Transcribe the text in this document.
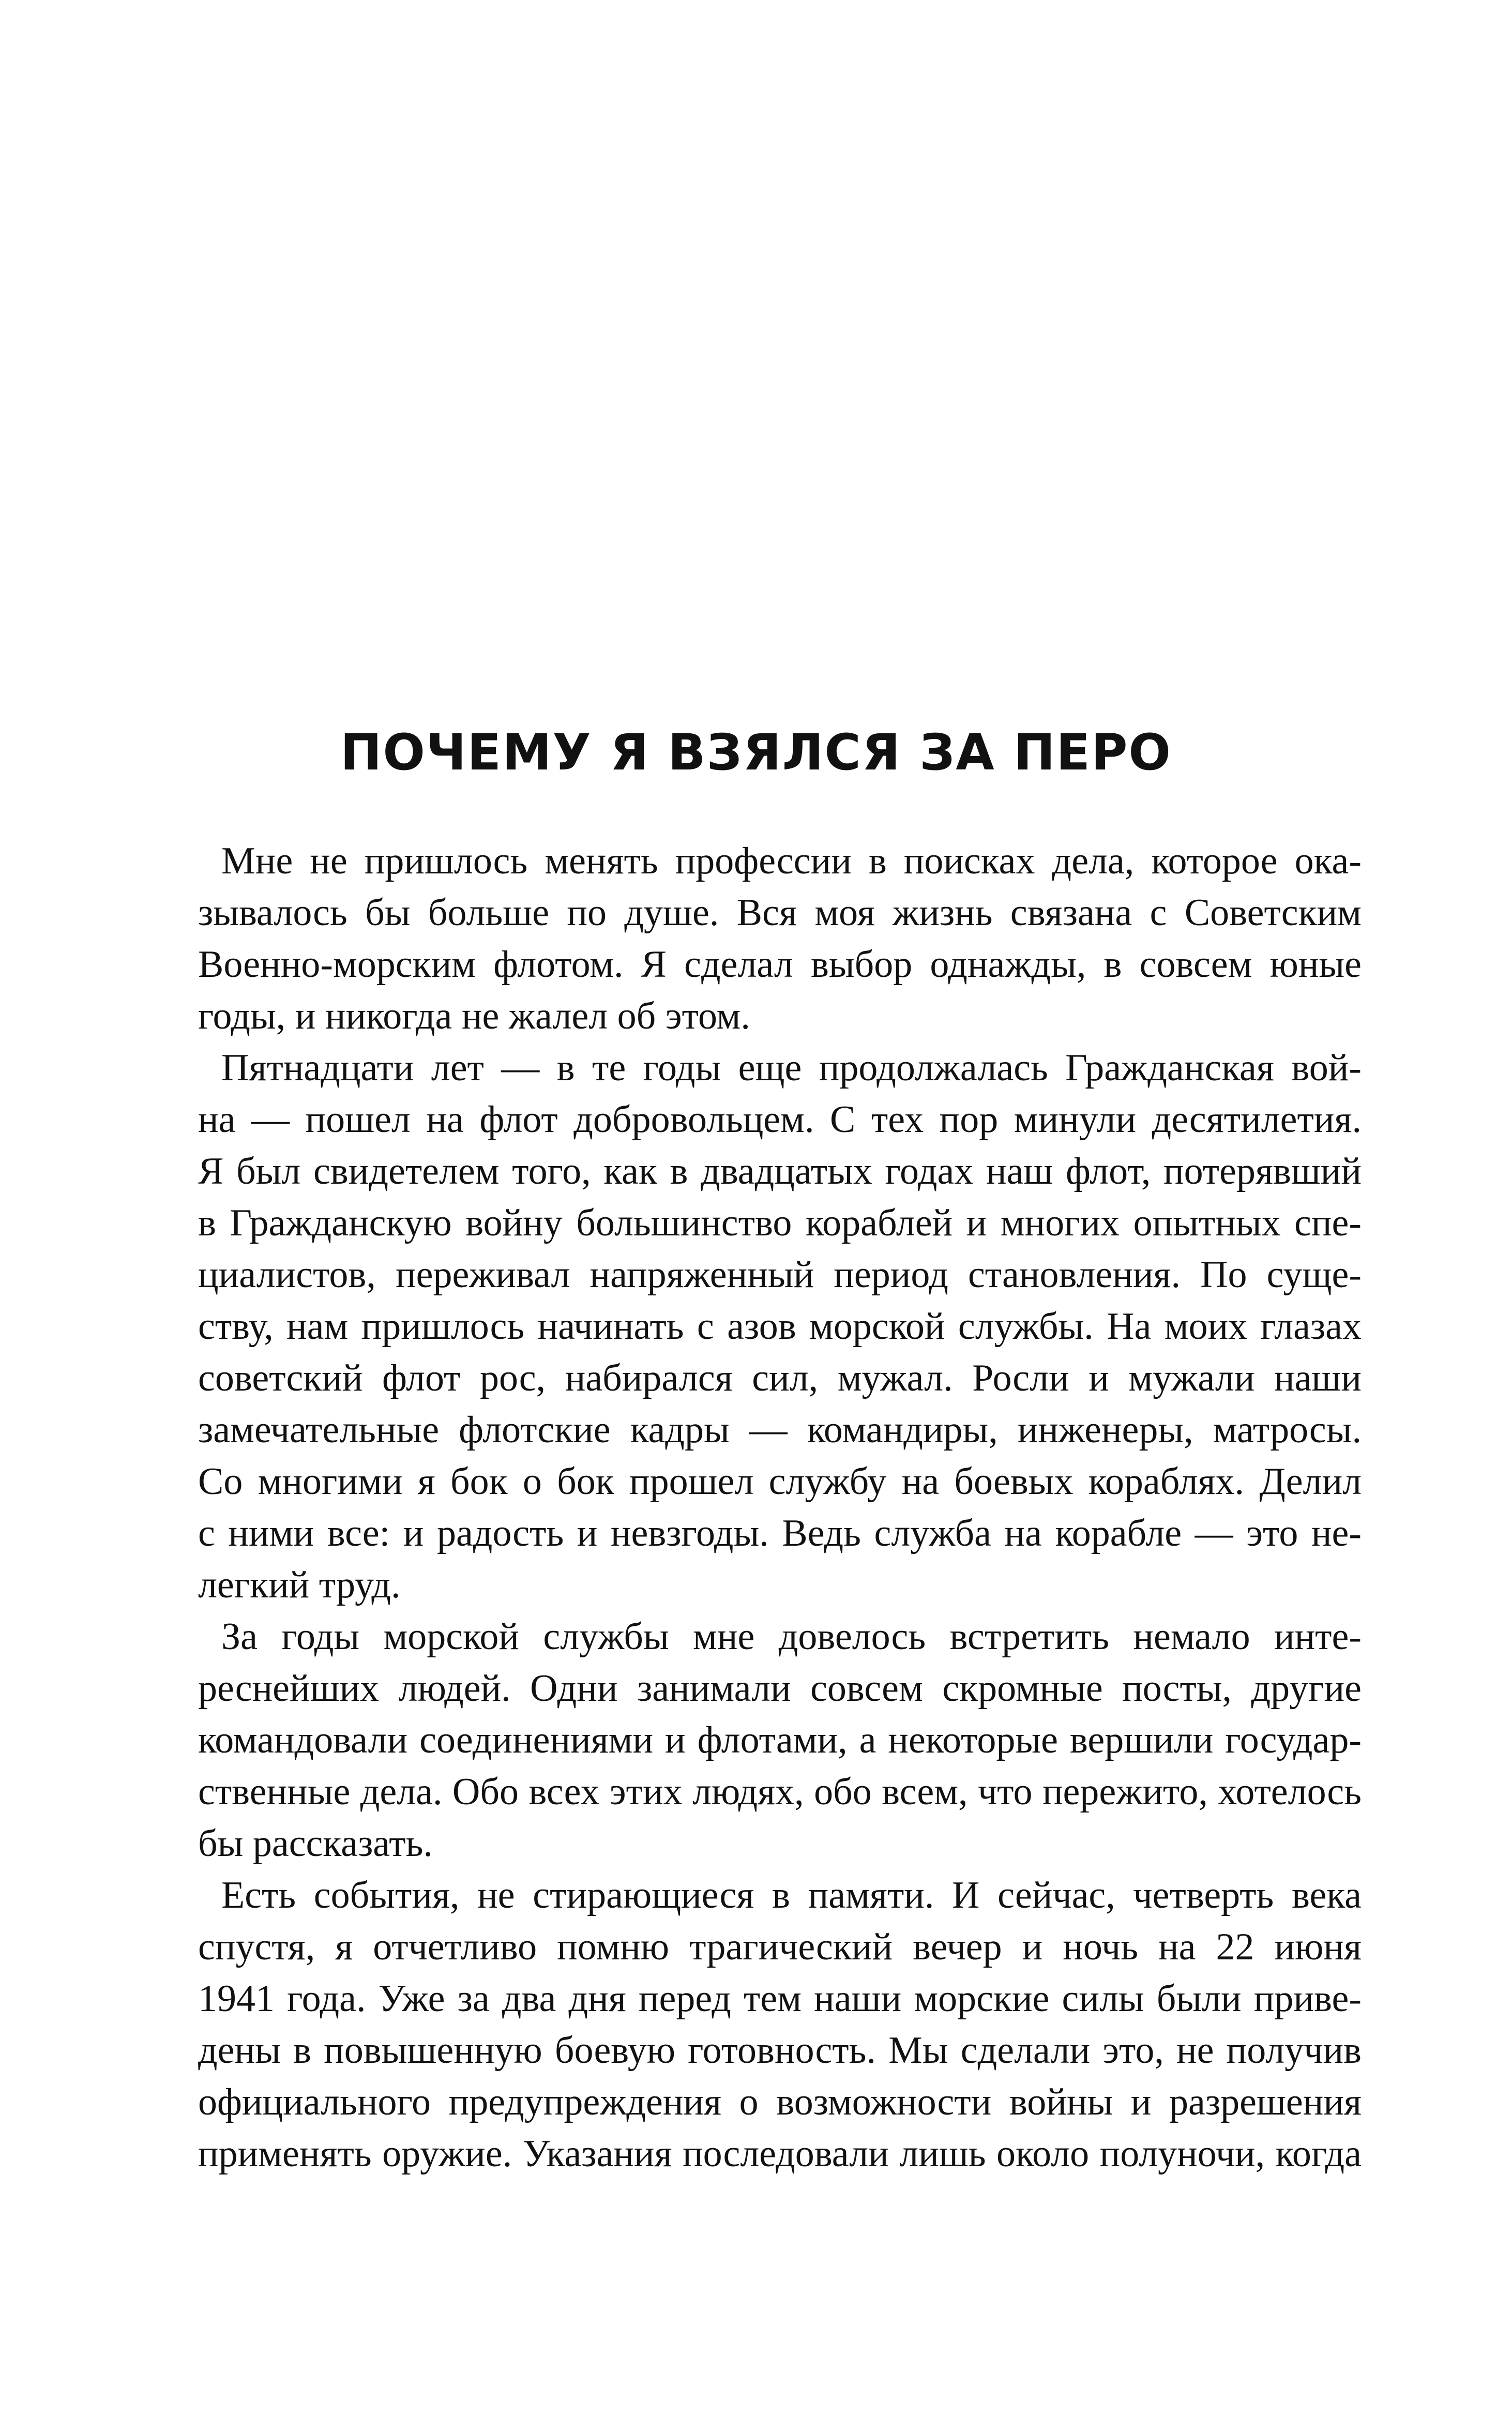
ПОЧЕМУ Я ВЗЯЛСЯ ЗА ПЕРО

Мне не пришлось менять профессии в поисках дела, которое ока-
зывалось бы больше по душе. Вся моя жизнь связана с Советским
Военно-морским флотом. Я сделал выбор однажды, в совсем юные
годы, и никогда не жалел об этом.

Пятнадцати лет — в те годы еще продолжалась Гражданская вой-
на — пошел на флот добровольцем. С тех пор минули десятилетия.
Я был свидетелем того, как в двадцатых годах наш флот, потерявший
в Гражданскую войну большинство кораблей и многих опытных спе-
циалистов, переживал напряженный период становления. По суще-
ству, нам пришлось начинать с азов морской службы. На моих глазах
советский флот рос, набирался сил, мужал. Росли и мужали наши
замечательные флотские кадры — командиры, инженеры, матросы.
Со многими я бок о бок прошел службу на боевых кораблях. Делил
с ними все: и радость и невзгоды. Ведь служба на корабле — это не-
легкий труд.

За годы морской службы мне довелось встретить немало инте-
реснейших людей. Одни занимали совсем скромные посты, другие
командовали соединениями и флотами, а некоторые вершили государ-
ственные дела. Обо всех этих людях, обо всем, что пережито, хотелось
бы рассказать.

Есть события, не стирающиеся в памяти. И сейчас, четверть века
спустя, я отчетливо помню трагический вечер и ночь на 22 июня
1941 года. Уже за два дня перед тем наши морские силы были приве-
дены в повышенную боевую готовность. Мы сделали это, не получив
официального предупреждения о возможности войны и разрешения
применять оружие. Указания последовали лишь около полуночи, когда
